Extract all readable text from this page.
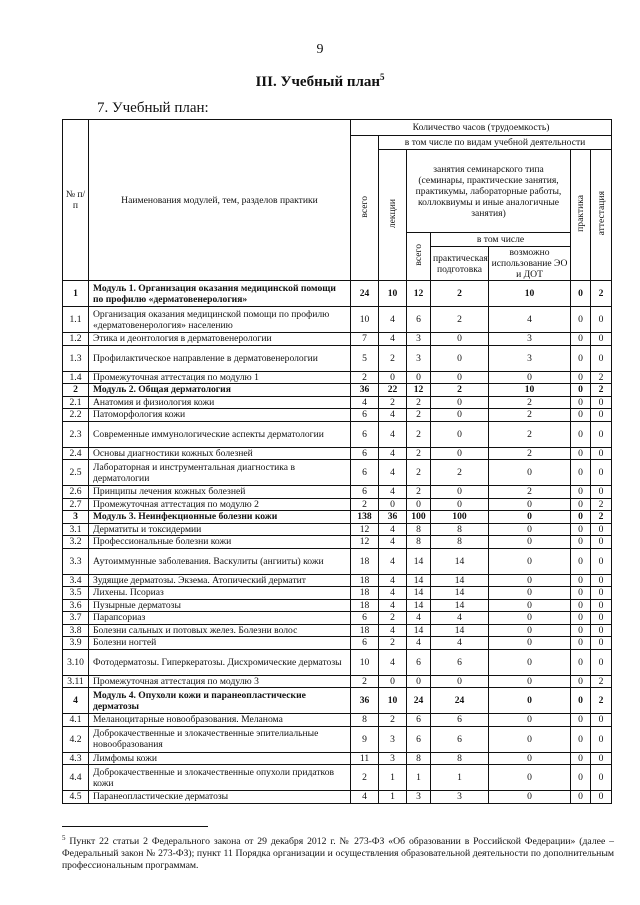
9
III. Учебный план$^5$
7. Учебный план:
№ п/п	Наименования модулей, тем, разделов практики	Количество часов (трудоемкость)						
		всего	в том числе по видам учебной деятельности					
			лекции	занятия семинарского типа (семинары, практические занятия, практикумы, лабораторные работы, коллоквиумы и иные аналогичные занятия)			практика	аттестация
				всего	в том числе			
					практическая подготовка	возможно использование ЭО и ДОТ		
1	Модуль 1. Организация оказания медицинской помощи по профилю «дерматовенерология»	24	10	12	2	10	0	2
1.1	Организация оказания медицинской помощи по профилю «дерматовенерология» населению	10	4	6	2	4	0	0
1.2	Этика и деонтология в дерматовенерологии	7	4	3	0	3	0	0
1.3	Профилактическое направление в дерматовенерологии	5	2	3	0	3	0	0
1.4	Промежуточная аттестация по модулю 1	2	0	0	0	0	0	2
2	Модуль 2. Общая дерматология	36	22	12	2	10	0	2
2.1	Анатомия и физиология кожи	4	2	2	0	2	0	0
2.2	Патоморфология кожи	6	4	2	0	2	0	0
2.3	Современные иммунологические аспекты дерматологии	6	4	2	0	2	0	0
2.4	Основы диагностики кожных болезней	6	4	2	0	2	0	0
2.5	Лабораторная и инструментальная диагностика в дерматологии	6	4	2	2	0	0	0
2.6	Принципы лечения кожных болезней	6	4	2	0	2	0	0
2.7	Промежуточная аттестация по модулю 2	2	0	0	0	0	0	2
3	Модуль 3. Неинфекционные болезни кожи	138	36	100	100	0	0	2
3.1	Дерматиты и токсидермии	12	4	8	8	0	0	0
3.2	Профессиональные болезни кожи	12	4	8	8	0	0	0
3.3	Аутоиммунные заболевания. Васкулиты (ангииты) кожи	18	4	14	14	0	0	0
3.4	Зудящие дерматозы. Экзема. Атопический дерматит	18	4	14	14	0	0	0
3.5	Лихены. Псориаз	18	4	14	14	0	0	0
3.6	Пузырные дерматозы	18	4	14	14	0	0	0
3.7	Парапсориаз	6	2	4	4	0	0	0
3.8	Болезни сальных и потовых желез. Болезни волос	18	4	14	14	0	0	0
3.9	Болезни ногтей	6	2	4	4	0	0	0
3.10	Фотодерматозы. Гиперкератозы. Дисхромические дерматозы	10	4	6	6	0	0	0
3.11	Промежуточная аттестация по модулю 3	2	0	0	0	0	0	2
4	Модуль 4. Опухоли кожи и паранеопластические дерматозы	36	10	24	24	0	0	2
4.1	Меланоцитарные новообразования. Меланома	8	2	6	6	0	0	0
4.2	Доброкачественные и злокачественные эпителиальные новообразования	9	3	6	6	0	0	0
4.3	Лимфомы кожи	11	3	8	8	0	0	0
4.4	Доброкачественные и злокачественные опухоли придатков кожи	2	1	1	1	0	0	0
4.5	Паранеопластические дерматозы	4	1	3	3	0	0	0
$^5$ Пункт 22 статьи 2 Федерального закона от 29 декабря 2012 г. № 273-ФЗ «Об образовании в Российской Федерации» (далее – Федеральный закон № 273-ФЗ); пункт 11 Порядка организации и осуществления образовательной деятельности по дополнительным профессиональным программам.
